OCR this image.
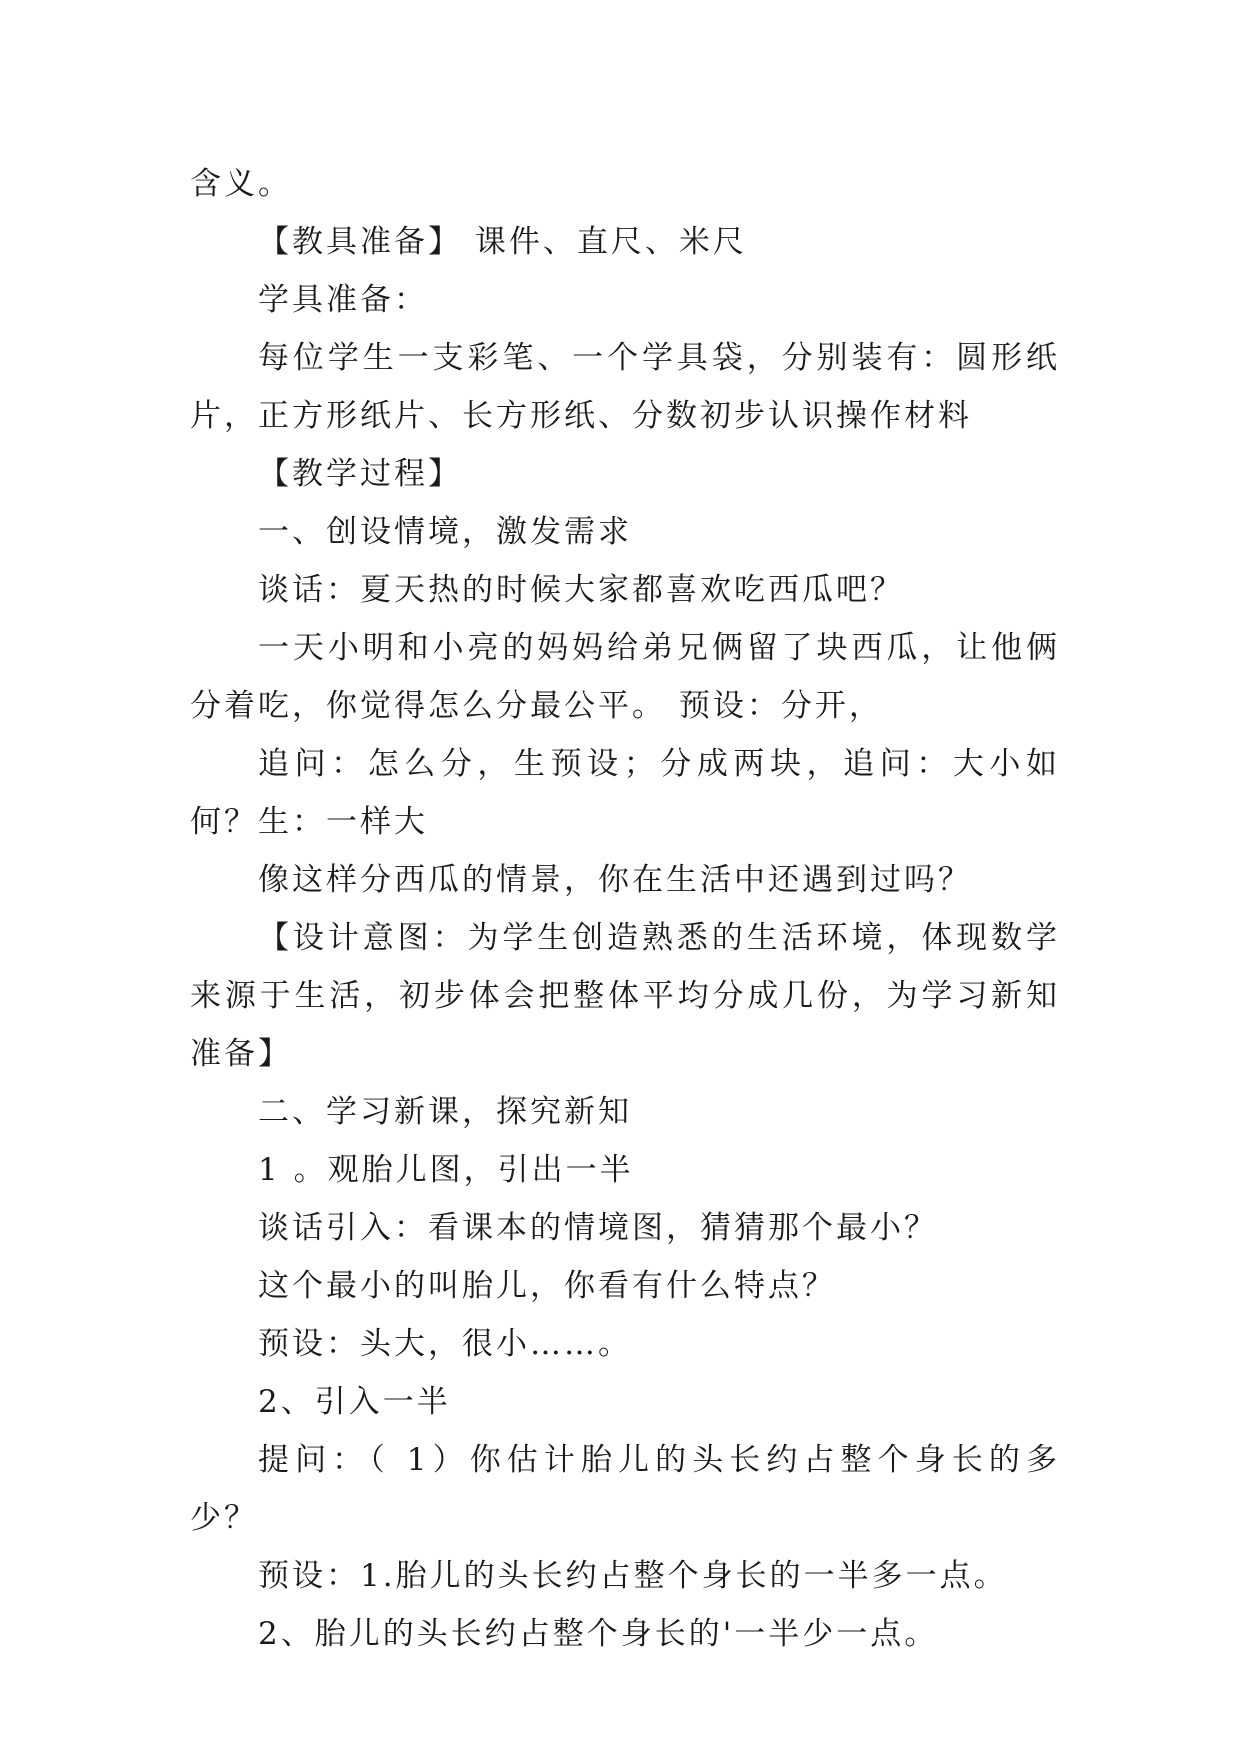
含义。

【教具准备】 课件、直尺、米尺

学具准备：

每位学生一支彩笔、一个学具袋，分别装有：圆形纸片，正方形纸片、长方形纸、分数初步认识操作材料

【教学过程】

一、创设情境，激发需求

谈话：夏天热的时候大家都喜欢吃西瓜吧？

一天小明和小亮的妈妈给弟兄俩留了块西瓜，让他俩分着吃，你觉得怎么分最公平。 预设：分开，

追问：怎么分，生预设；分成两块，追问：大小如何？生：一样大

像这样分西瓜的情景，你在生活中还遇到过吗？

【设计意图：为学生创造熟悉的生活环境，体现数学来源于生活，初步体会把整体平均分成几份，为学习新知准备】

二、学习新课，探究新知

1 。观胎儿图，引出一半

谈话引入：看课本的情境图，猜猜那个最小？

这个最小的叫胎儿，你看有什么特点？

预设：头大，很小……。

2、引入一半

提问：（ 1）你估计胎儿的头长约占整个身长的多少？

预设：1.胎儿的头长约占整个身长的一半多一点。

2、胎儿的头长约占整个身长的'一半少一点。
